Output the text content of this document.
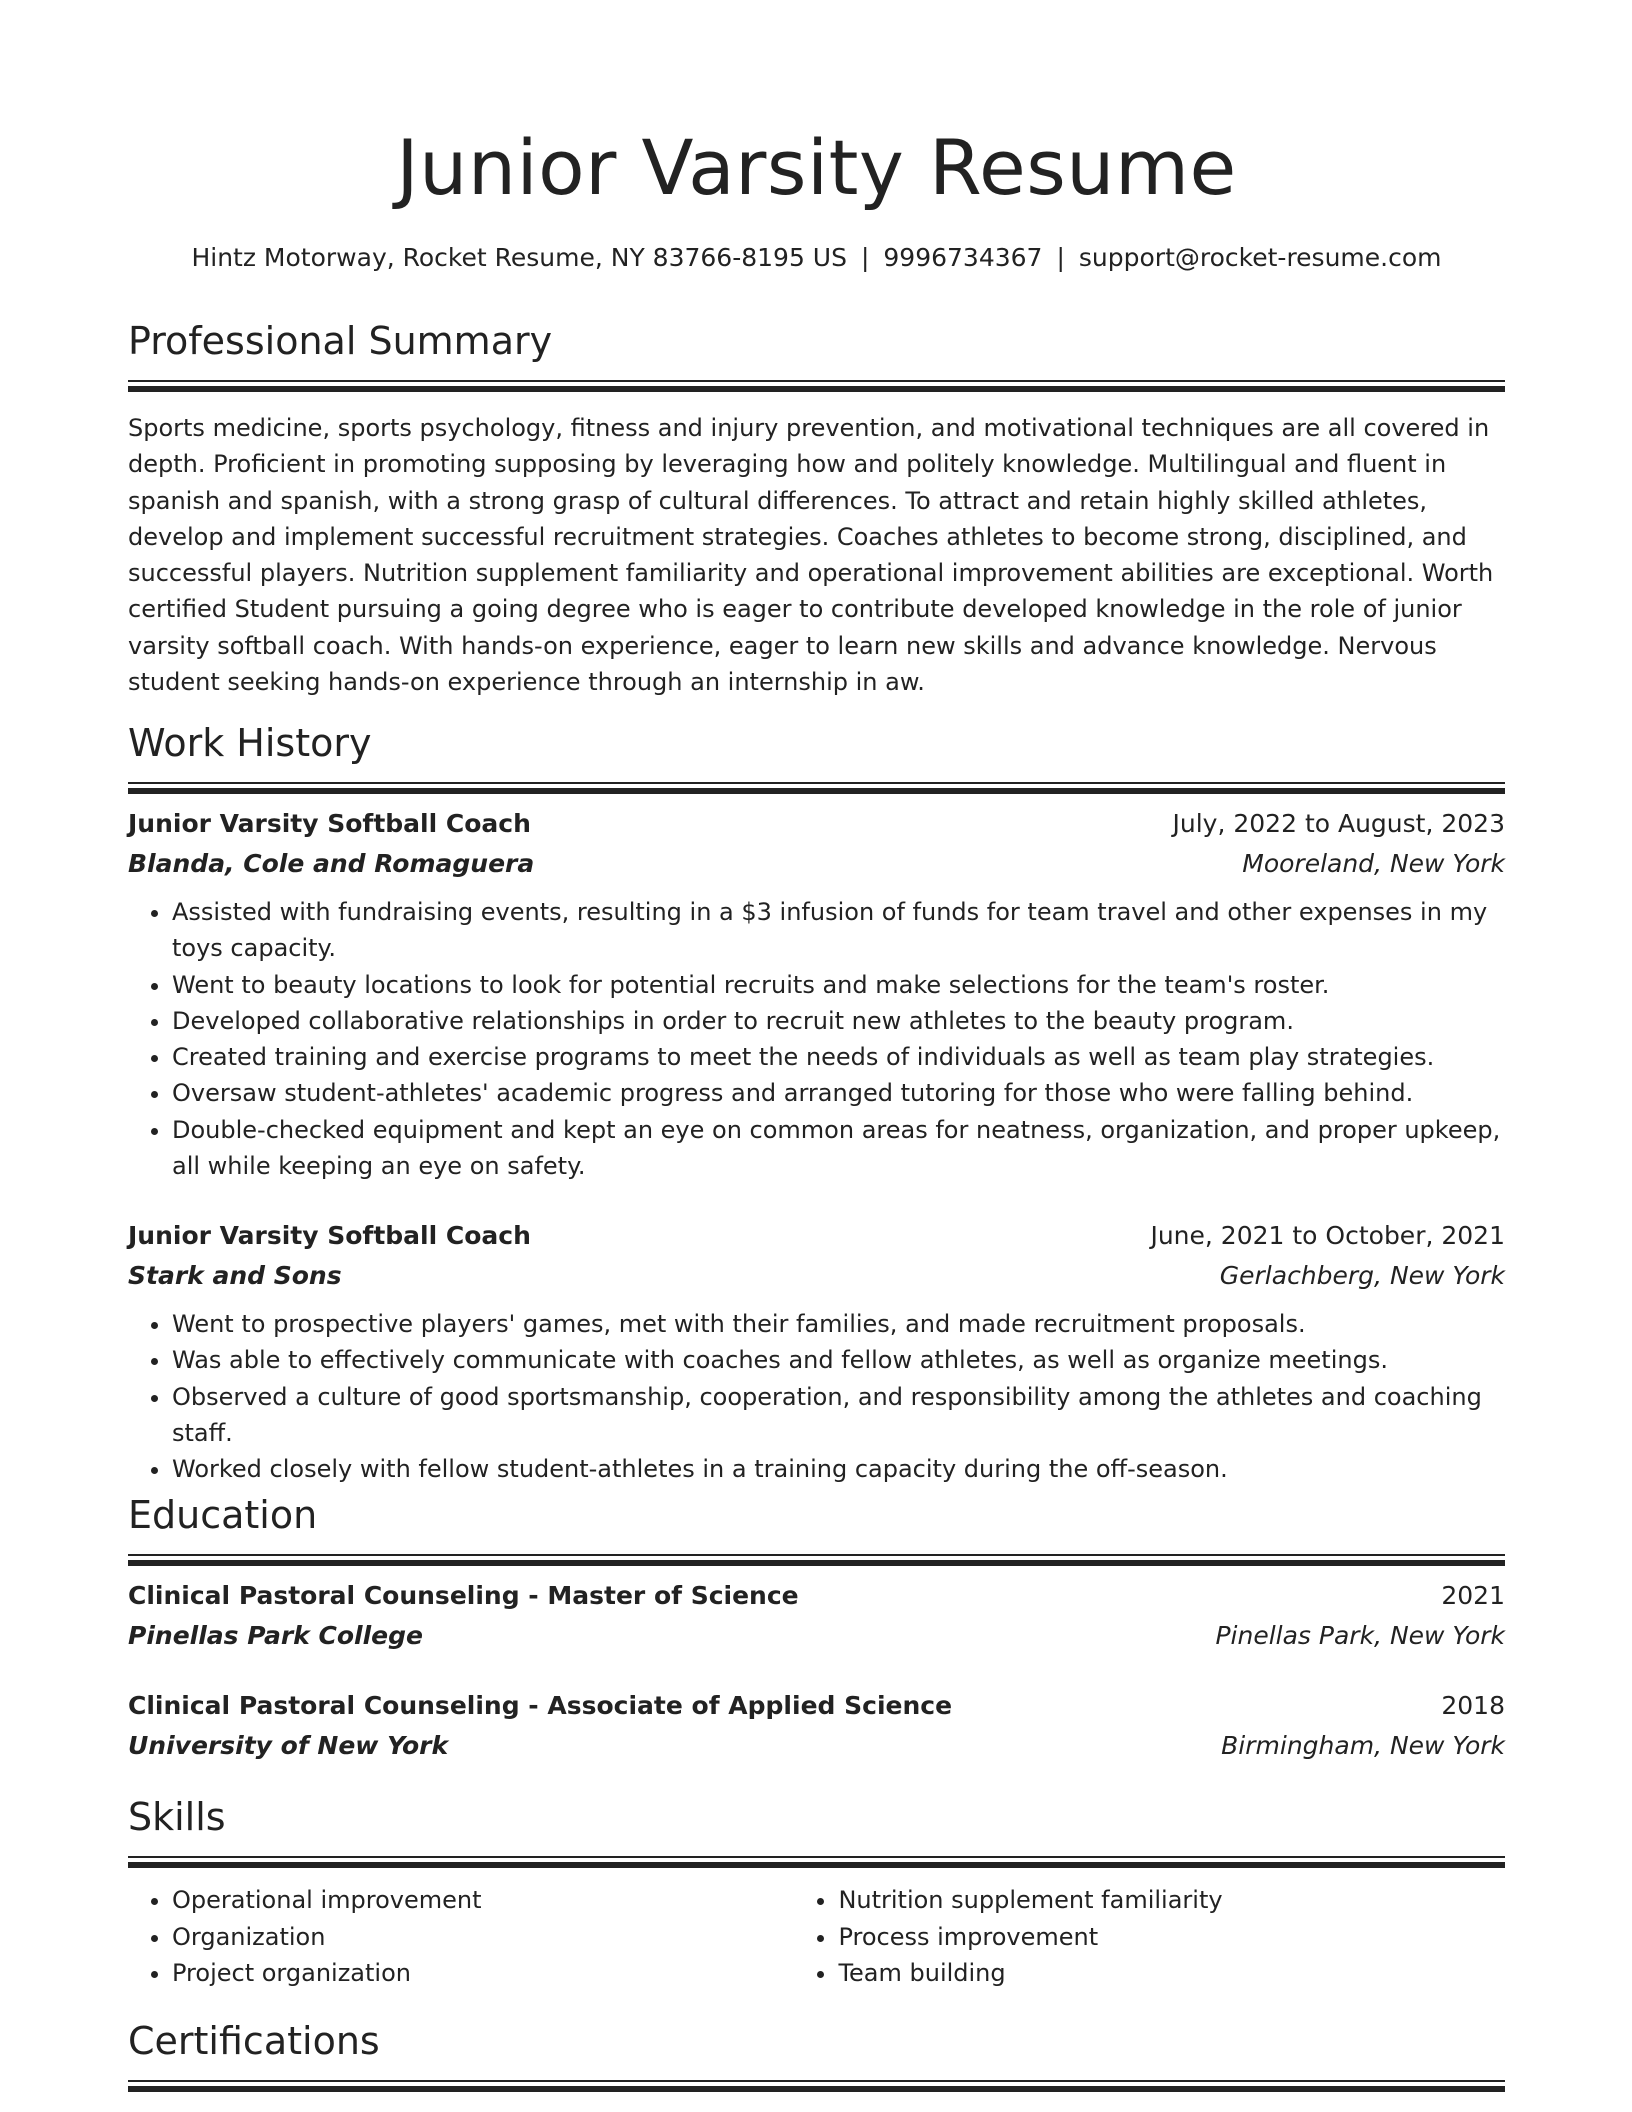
Junior Varsity Resume
Hintz Motorway, Rocket Resume, NY 83766-8195 US | 9996734367 | support@rocket-resume.com
Professional Summary

Sports medicine, sports psychology, fitness and injury prevention, and motivational techniques are all covered in depth. Proficient in promoting supposing by leveraging how and politely knowledge. Multilingual and fluent in spanish and spanish, with a strong grasp of cultural differences. To attract and retain highly skilled athletes, develop and implement successful recruitment strategies. Coaches athletes to become strong, disciplined, and successful players. Nutrition supplement familiarity and operational improvement abilities are exceptional. Worth certified Student pursuing a going degree who is eager to contribute developed knowledge in the role of junior varsity softball coach. With hands-on experience, eager to learn new skills and advance knowledge. Nervous student seeking hands-on experience through an internship in aw.

Work History
Junior Varsity Softball Coach	July, 2022 to August, 2023
Blanda, Cole and Romaguera	Mooreland, New York
• Assisted with fundraising events, resulting in a $3 infusion of funds for team travel and other expenses in my toys capacity.
• Went to beauty locations to look for potential recruits and make selections for the team's roster.
• Developed collaborative relationships in order to recruit new athletes to the beauty program.
• Created training and exercise programs to meet the needs of individuals as well as team play strategies.
• Oversaw student-athletes' academic progress and arranged tutoring for those who were falling behind.
• Double-checked equipment and kept an eye on common areas for neatness, organization, and proper upkeep, all while keeping an eye on safety.
Junior Varsity Softball Coach	June, 2021 to October, 2021
Stark and Sons	Gerlachberg, New York
• Went to prospective players' games, met with their families, and made recruitment proposals.
• Was able to effectively communicate with coaches and fellow athletes, as well as organize meetings.
• Observed a culture of good sportsmanship, cooperation, and responsibility among the athletes and coaching staff.
• Worked closely with fellow student-athletes in a training capacity during the off-season.
Education
Clinical Pastoral Counseling - Master of Science	2021
Pinellas Park College	Pinellas Park, New York
Clinical Pastoral Counseling - Associate of Applied Science	2018
University of New York	Birmingham, New York
Skills
• Operational improvement
• Organization
• Project organization
• Nutrition supplement familiarity
• Process improvement
• Team building
Certifications
